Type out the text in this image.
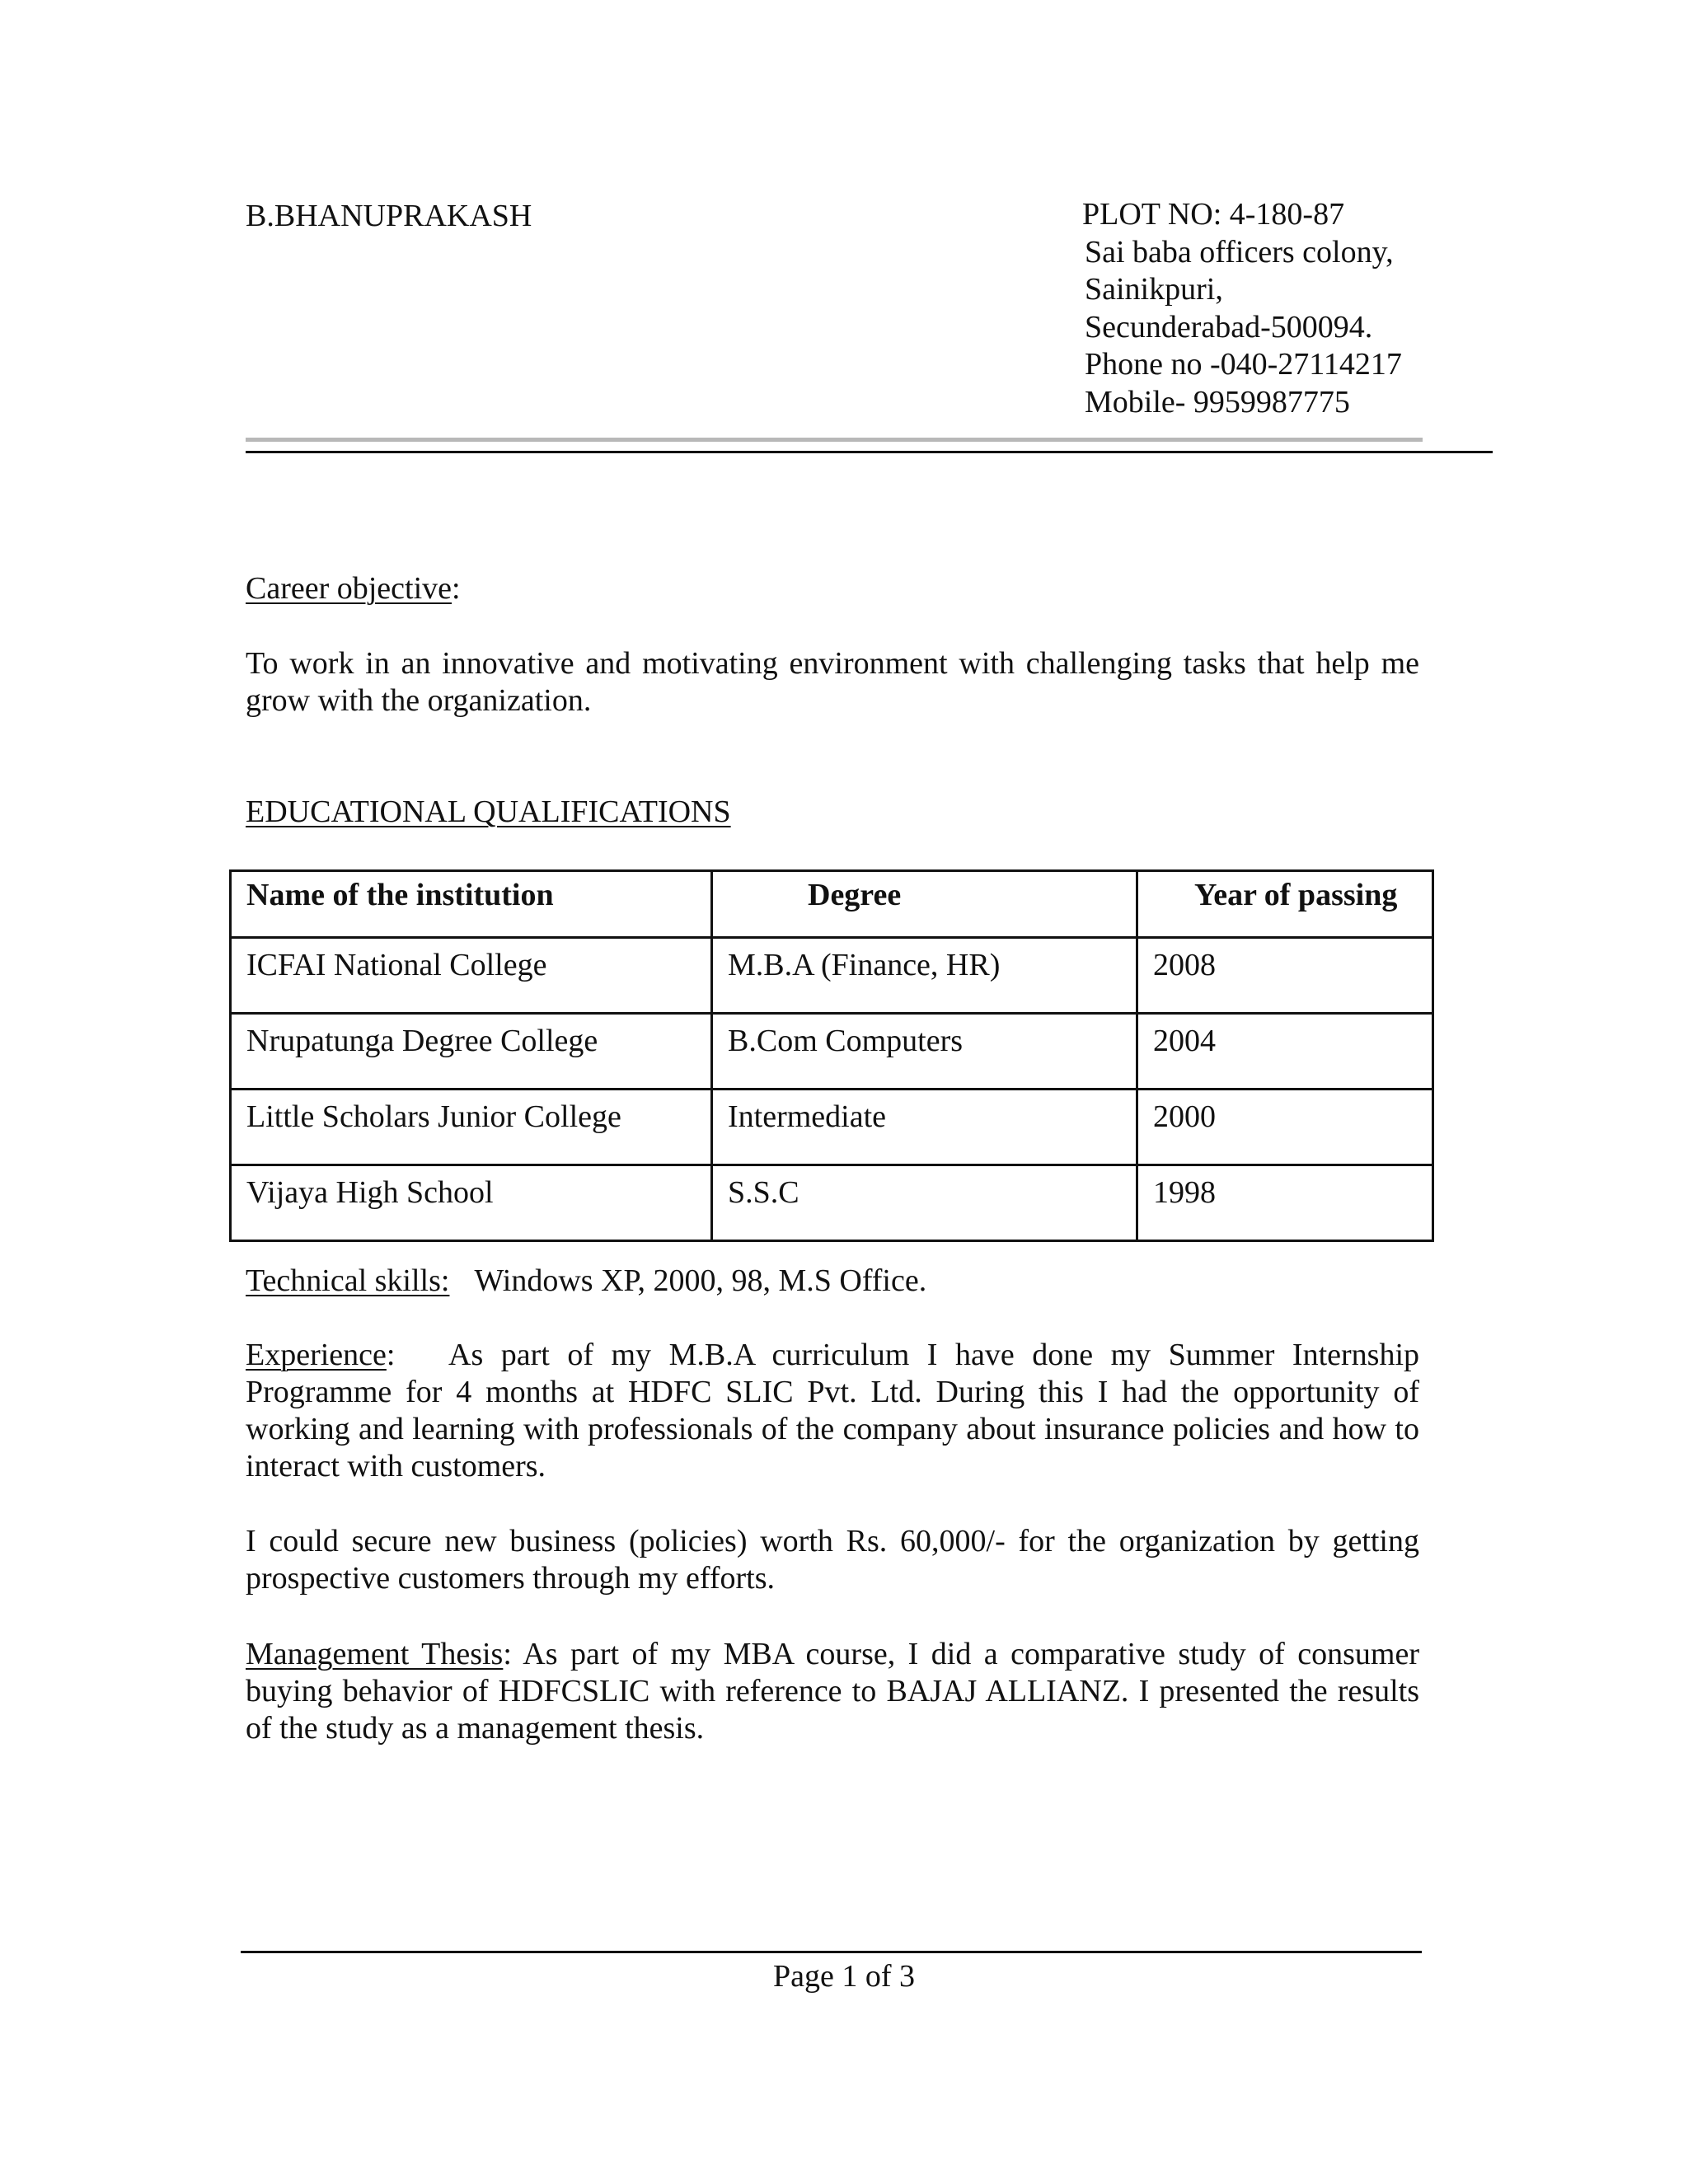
B.BHANUPRAKASH	PLOT NO: 4-180-87
Sai baba officers colony,
Sainikpuri,
Secunderabad-500094.
Phone no -040-27114217
Mobile- 9959987775
Career objective:
To work in an innovative and motivating environment with challenging tasks that help me grow with the organization.
EDUCATIONAL QUALIFICATIONS
Name of the institution	Degree	Year of passing
ICFAI National College	M.B.A (Finance, HR)	2008
Nrupatunga Degree College	B.Com Computers	2004
Little Scholars Junior College	Intermediate	2000
Vijaya High School	S.S.C	1998
Technical skills: Windows XP, 2000, 98, M.S Office.
Experience: As part of my M.B.A curriculum I have done my Summer Internship Programme for 4 months at HDFC SLIC Pvt. Ltd. During this I had the opportunity of working and learning with professionals of the company about insurance policies and how to interact with customers.
I could secure new business (policies) worth Rs. 60,000/- for the organization by getting prospective customers through my efforts.
Management Thesis: As part of my MBA course, I did a comparative study of consumer buying behavior of HDFCSLIC with reference to BAJAJ ALLIANZ. I presented the results of the study as a management thesis.
Page 1 of 3
